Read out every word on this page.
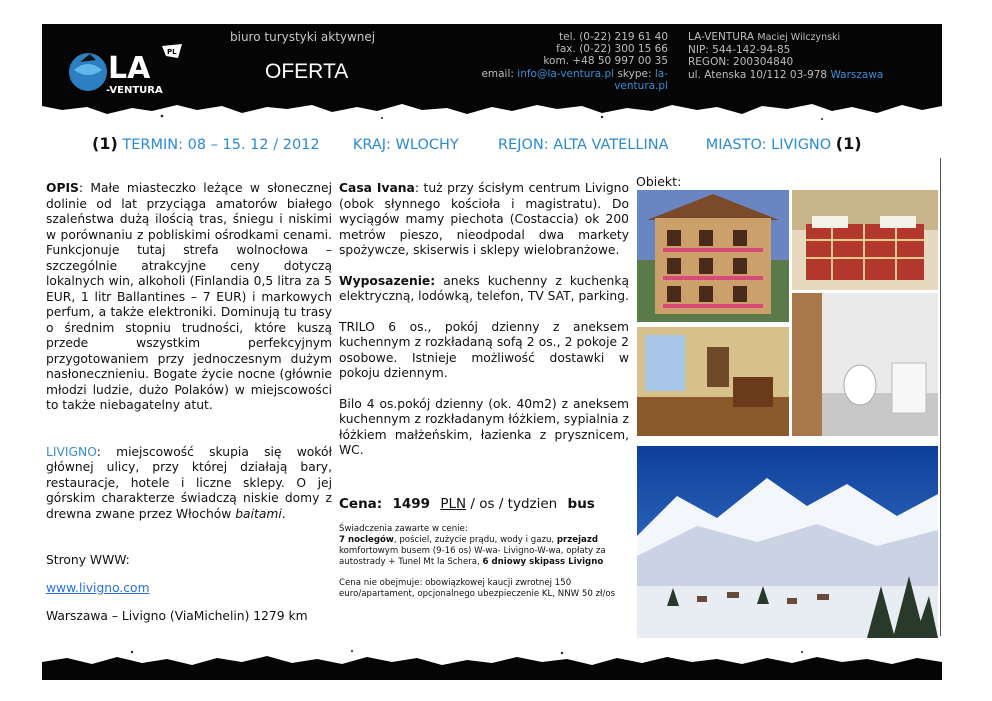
LA
-VENTURA
PL
biuro turystyki aktywnej
OFERTA
tel. (0-22) 219 61 40
fax. (0-22) 300 15 66
kom. +48 50 997 00 35
email: info@la-ventura.pl skype: la-ventura.pl
LA-VENTURA Maciej Wilczynski
NIP: 544-142-94-85
REGON: 200304840
ul. Atenska 10/112 03-978 Warszawa
(1) TERMIN: 08 – 15. 12 / 2012 KRAJ: WLOCHY	REJON: ALTA VATELLINA	MIASTO: LIVIGNO (1)
OPIS: Małe miasteczko leżące w słonecznej dolinie od lat przyciąga amatorów białego szaleństwa dużą ilością tras, śniegu i niskimi w porównaniu z pobliskimi ośrodkami cenami. Funkcjonuje tutaj strefa wolnocłowa – szczególnie atrakcyjne ceny dotyczą lokalnych win, alkoholi (Finlandia 0,5 litra za 5 EUR, 1 litr Ballantines – 7 EUR) i markowych perfum, a także elektroniki. Dominują tu trasy o średnim stopniu trudności, które kuszą przede wszystkim perfekcyjnym przygotowaniem przy jednoczesnym dużym nasłonecznieniu. Bogate życie nocne (głównie młodzi ludzie, dużo Polaków) w miejscowości to także niebagatelny atut.
LIVIGNO: miejscowość skupia się wokół głównej ulicy, przy której działają bary, restauracje, hotele i liczne sklepy. O jej górskim charakterze świadczą niskie domy z drewna zwane przez Włochów baitami.
Strony WWW:
www.livigno.com
Warszawa – Livigno (ViaMichelin) 1279 km
Casa Ivana: tuż przy ścisłym centrum Livigno (obok słynnego kościoła i magistratu). Do wyciągów mamy piechota (Costaccia) ok 200 metrów pieszo, nieodpodal dwa markety spożywcze, skiserwis i sklepy wielobranżowe.
Wyposazenie: aneks kuchenny z kuchenką elektryczną, lodówką, telefon, TV SAT, parking.
TRILO 6 os., pokój dzienny z aneksem kuchennym z rozkładaną sofą 2 os., 2 pokoje 2 osobowe. Istnieje możliwość dostawki w pokoju dziennym.
Bilo 4 os.pokój dzienny (ok. 40m2) z aneksem kuchennym z rozkładanym łóżkiem, sypialnia z łóżkiem małżeńskim, łazienka z prysznicem, WC.
Cena: 1499 PLN / os / tydzien bus
Świadczenia zawarte w cenie:
7 noclegów, pościel, zużycie prądu, wody i gazu, przejazd komfortowym busem (9-16 os) W-wa- Livigno-W-wa, opłaty za autostrady + Tunel Mt la Schera, 6 dniowy skipass Livigno
Cena nie obejmuje: obowiązkowej kaucji zwrotnej 150 euro/apartament, opcjonalnego ubezpieczenie KL, NNW 50 zł/os
Obiekt:
